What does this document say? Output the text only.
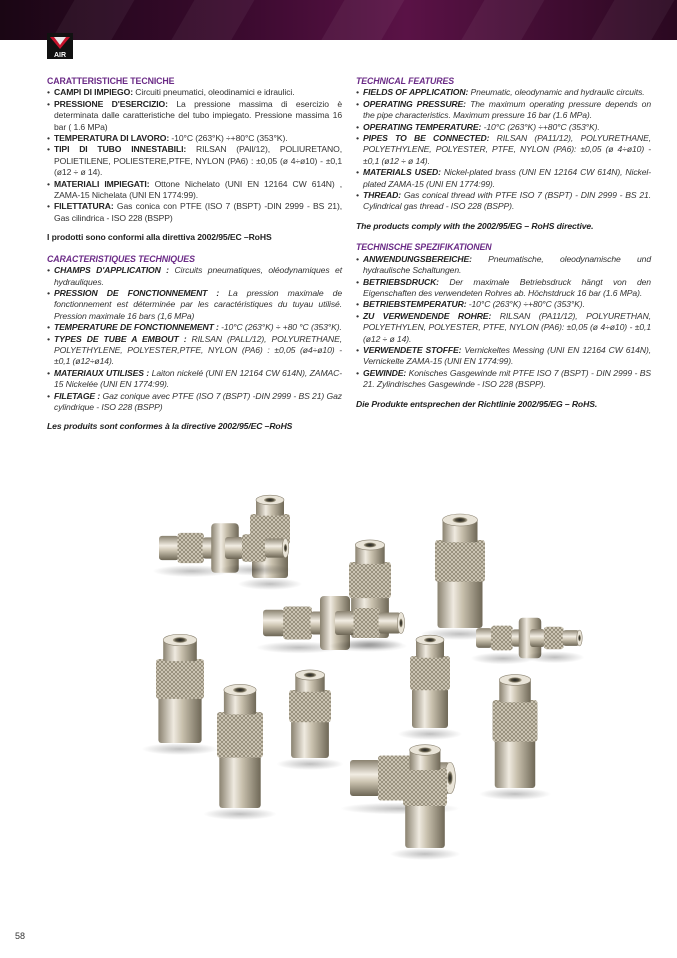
AIR
CARATTERISTICHE TECNICHE
• CAMPI DI IMPIEGO: Circuiti pneumatici, oleodinamici e idraulici.
• PRESSIONE D'ESERCIZIO: La pressione massima di esercizio è determinata dalle caratteristiche del tubo impiegato. Pressione massima 16 bar ( 1.6 MPa)
• TEMPERATURA DI LAVORO: -10°C (263°K) ÷+80°C (353°K).
• TIPI DI TUBO INNESTABILI: RILSAN (PAll/12), POLIURETANO, POLIETILENE, POLIESTERE,PTFE, NYLON (PA6) : ±0,05 (ø 4÷ø10) - ±0,1 (ø12 ÷ ø 14).
• MATERIALI IMPIEGATI: Ottone Nichelato (UNI EN 12164 CW 614N) , ZAMA-15 Nichelata (UNI EN 1774:99).
• FILETTATURA: Gas conica con PTFE (ISO 7 (BSPT) -DIN 2999 - BS 21), Gas cilindrica - ISO 228 (BSPP)
I prodotti sono conformi alla direttiva 2002/95/EC –RoHS
CARACTERISTIQUES TECHNIQUES
• CHAMPS D'APPLICATION : Circuits pneumatiques, oléodynamiques et hydrauliques.
• PRESSION DE FONCTIONNEMENT : La pression maximale de fonctionnement est déterminée par les caractéristiques du tuyau utilisé. Pression maximale 16 bars (1,6 MPa)
• TEMPERATURE DE FONCTIONNEMENT : -10°C (263°K) ÷ +80 °C (353°K).
• TYPES DE TUBE A EMBOUT : RILSAN (PALL/12), POLYURETHANE, POLYETHYLENE, POLYESTER,PTFE, NYLON (PA6) : ±0,05 (ø4÷ø10) - ±0,1 (ø12÷ø14).
• MATERIAUX UTILISES : Laiton nickelé (UNI EN 12164 CW 614N), ZAMAC-15 Nickelée (UNI EN 1774:99).
• FILETAGE : Gaz conique avec PTFE (ISO 7 (BSPT) -DIN 2999 - BS 21) Gaz cylindrique - ISO 228 (BSPP)
Les produits sont conformes à la directive 2002/95/EC –RoHS
TECHNICAL FEATURES
• FIELDS OF APPLICATION: Pneumatic, oleodynamic and hydraulic circuits.
• OPERATING PRESSURE: The maximum operating pressure depends on the pipe characteristics. Maximum pressure 16 bar (1.6 MPa).
• OPERATING TEMPERATURE: -10°C (263°K) ÷+80°C (353°K).
• PIPES TO BE CONNECTED: RILSAN (PA11/12), POLYURETHANE, POLYETHYLENE, POLYESTER, PTFE, NYLON (PA6): ±0,05 (ø 4÷ø10) - ±0,1 (ø12 ÷ ø 14).
• MATERIALS USED: Nickel-plated brass (UNI EN 12164 CW 614N), Nickel-plated ZAMA-15 (UNI EN 1774:99).
• THREAD: Gas conical thread with PTFE ISO 7 (BSPT) - DIN 2999 - BS 21. Cylindrical gas thread - ISO 228 (BSPP).
The products comply with the 2002/95/EG – RoHS directive.
TECHNISCHE SPEZIFIKATIONEN
• ANWENDUNGSBEREICHE: Pneumatische, oleodynamische und hydraulische Schaltungen.
• BETRIEBSDRUCK: Der maximale Betriebsdruck hängt von den Eigenschaften des verwendeten Rohres ab. Höchstdruck 16 bar (1.6 MPa).
• BETRIEBSTEMPERATUR: -10°C (263°K) ÷+80°C (353°K).
• ZU VERWENDENDE ROHRE: RILSAN (PA11/12), POLYURETHAN, POLYETHYLEN, POLYESTER, PTFE, NYLON (PA6): ±0,05 (ø 4÷ø10) - ±0,1 (ø12 ÷ ø 14).
• VERWENDETE STOFFE: Vernickeltes Messing (UNI EN 12164 CW 614N), Vernickelte ZAMA-15 (UNI EN 1774:99).
• GEWINDE: Konisches Gasgewinde mit PTFE ISO 7 (BSPT) - DIN 2999 - BS 21. Zylindrisches Gasgewinde - ISO 228 (BSPP).
Die Produkte entsprechen der Richtlinie 2002/95/EG – RoHS.
58
